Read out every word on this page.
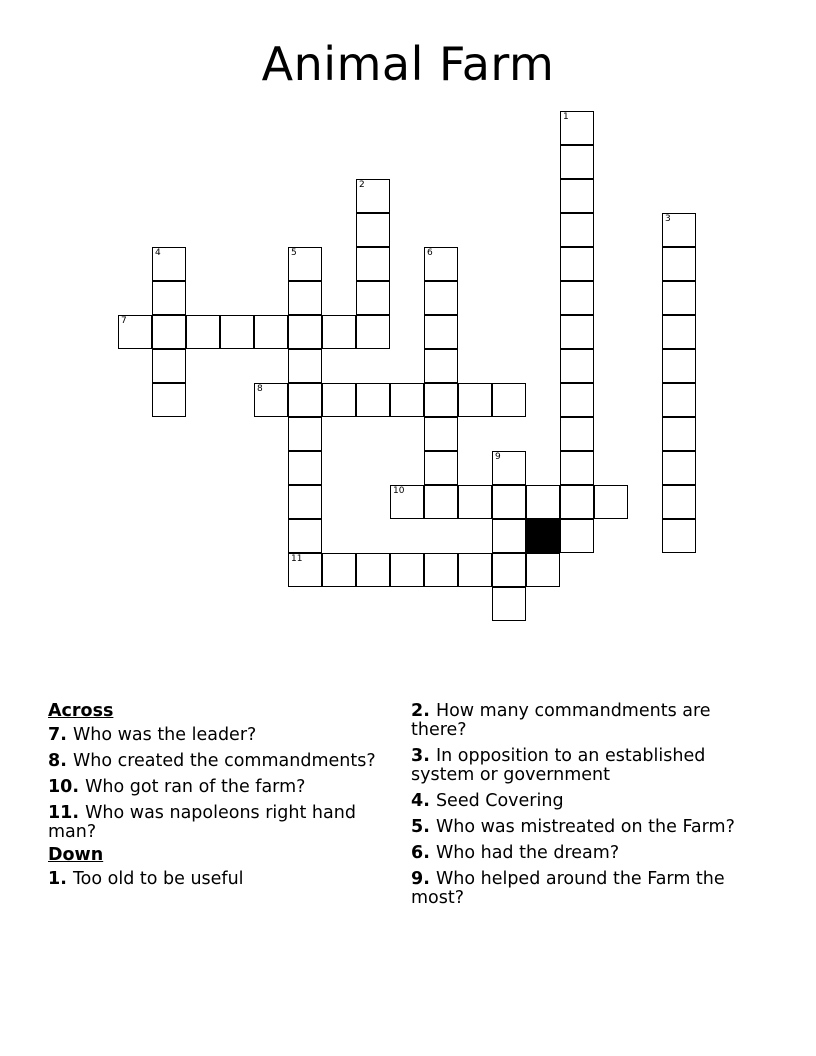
Animal Farm
1
2
3
4	5	6
7
8
9
10
11
Across
7. Who was the leader?
8. Who created the commandments?
10. Who got ran of the farm?
11. Who was napoleons right hand man?
Down
1. Too old to be useful
2. How many commandments are there?
3. In opposition to an established system or government
4. Seed Covering
5. Who was mistreated on the Farm?
6. Who had the dream?
9. Who helped around the Farm the most?
